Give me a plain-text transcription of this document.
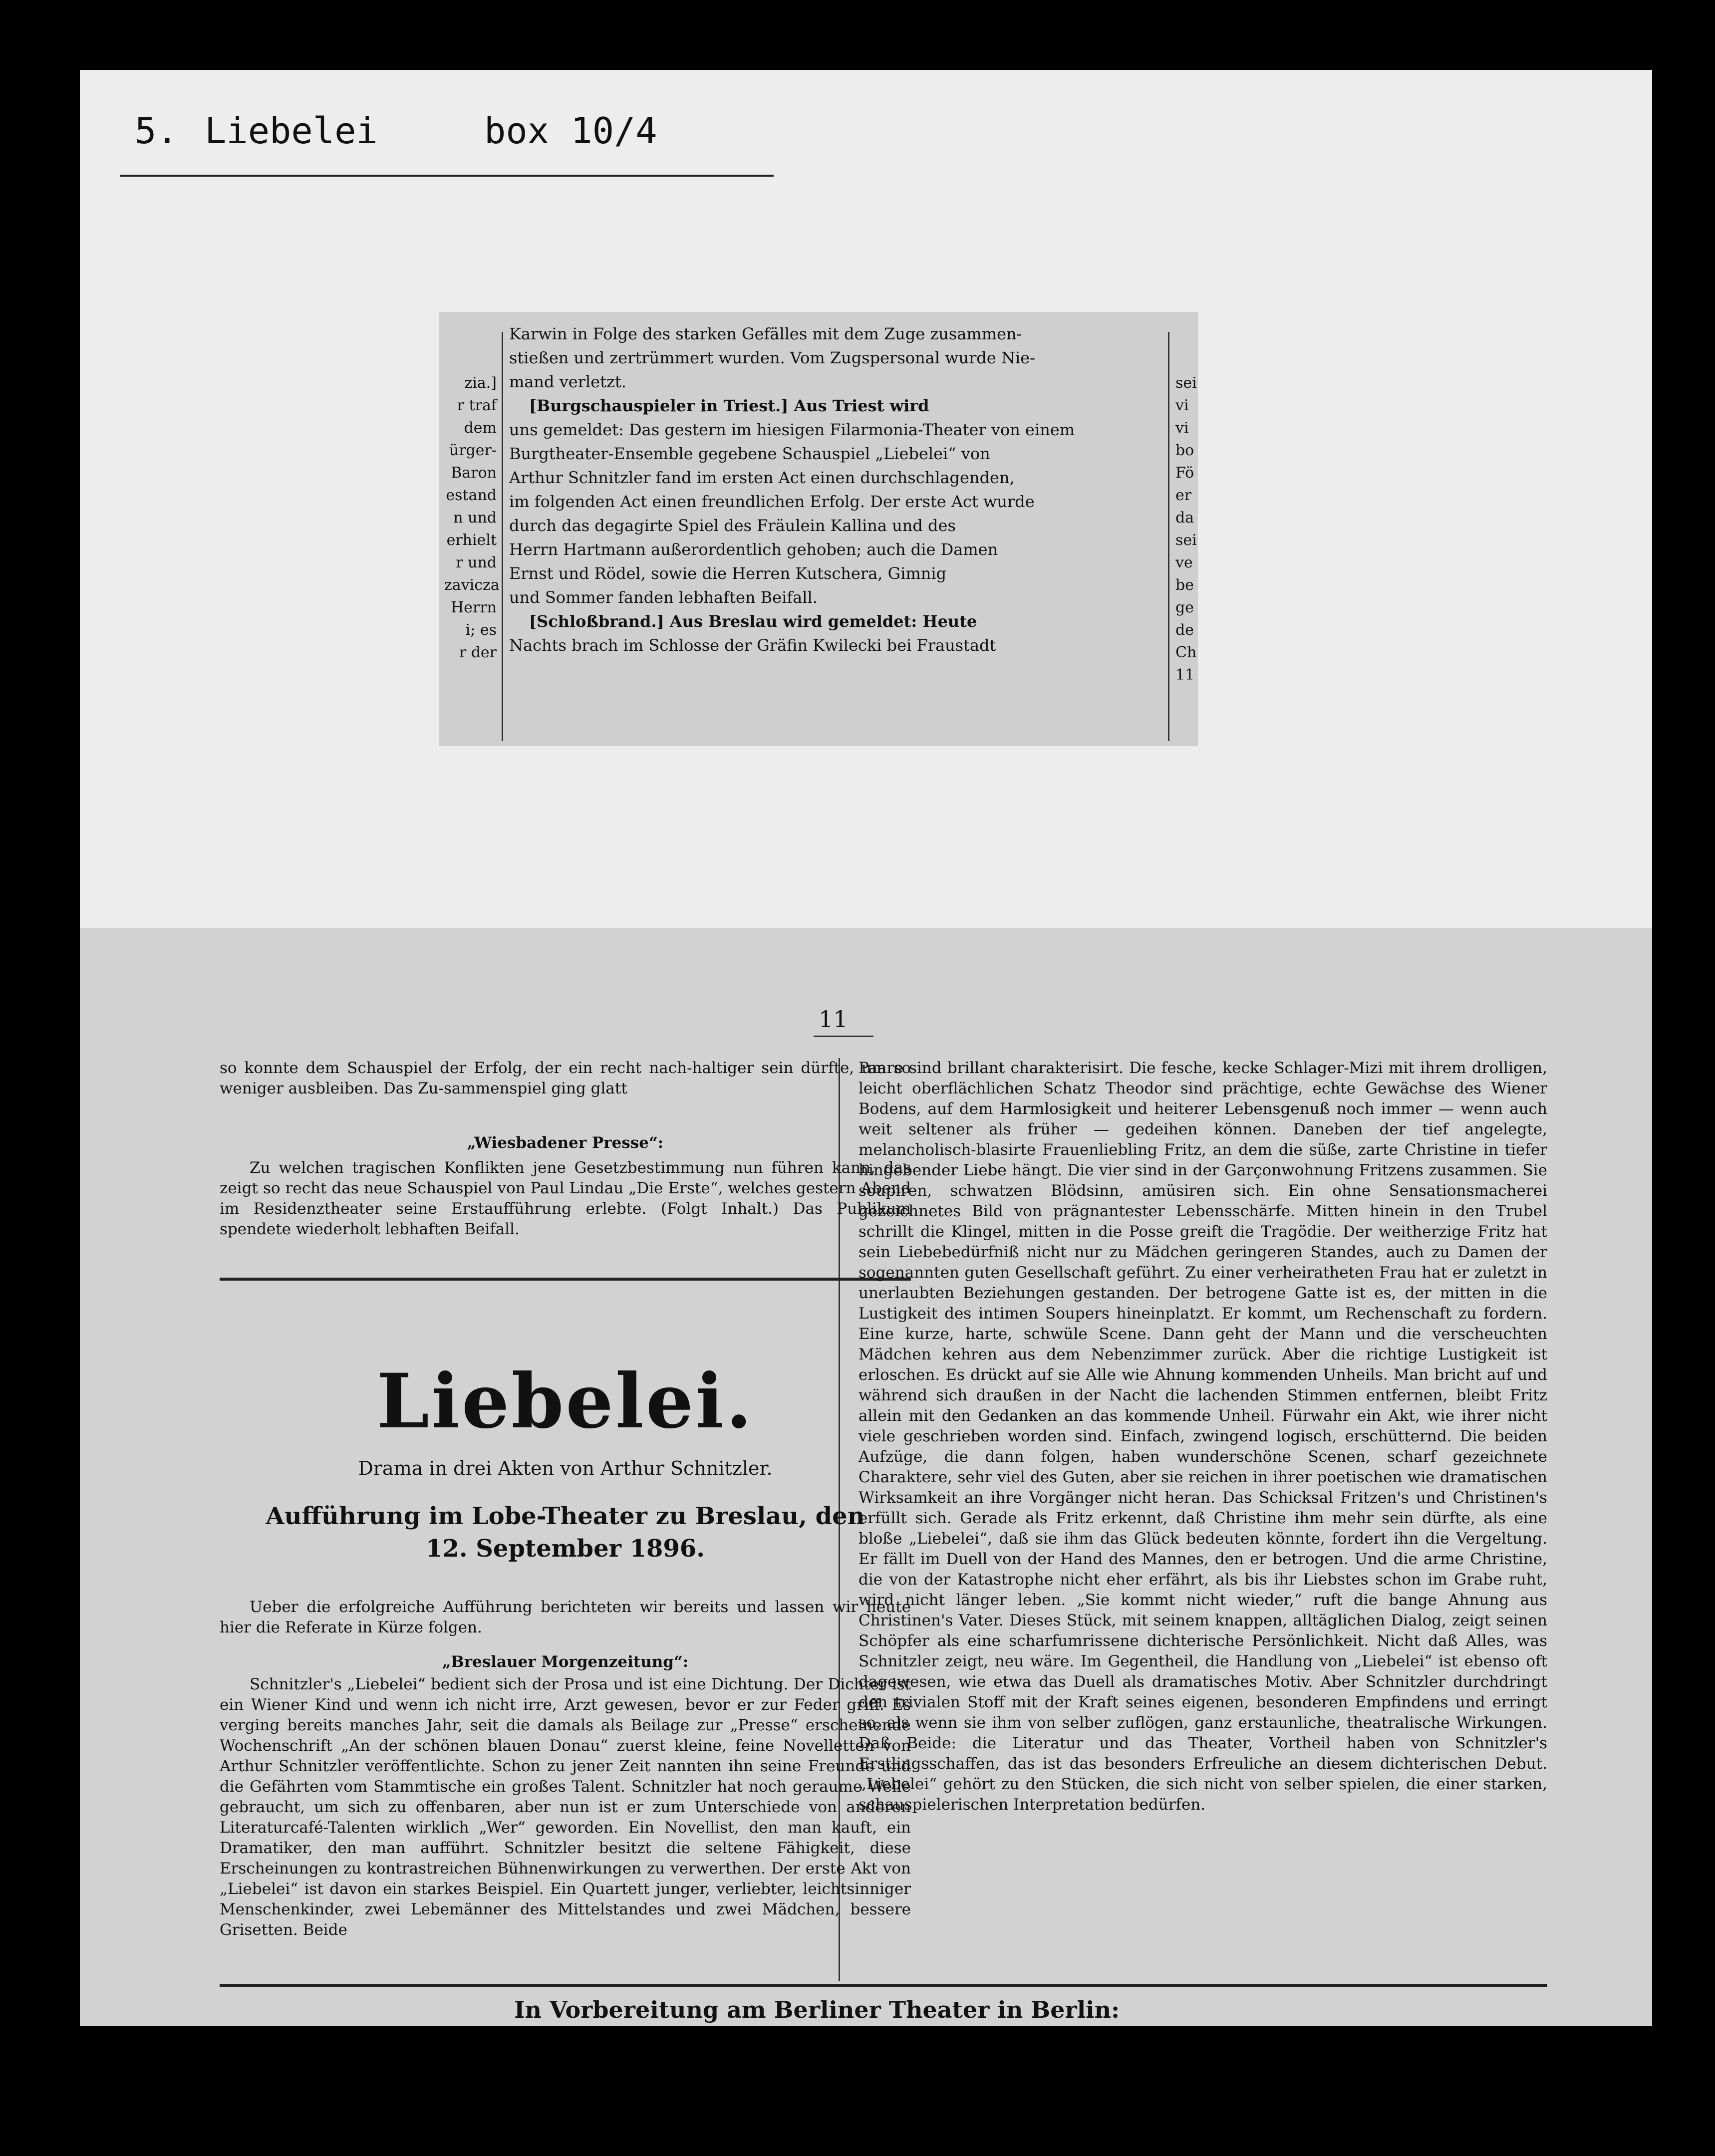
5. Liebelei	box 10/4
zia.]
r traf
dem
ürger-
Baron
estand
n und
erhielt
r und
zavicza
Herrn
i; es
r der
Karwin in Folge des starken Gefälles mit dem Zuge zusammen-
stießen und zertrümmert wurden. Vom Zugspersonal wurde Nie-
mand verletzt.
[Burgschauspieler in Triest.] Aus Triest wird
uns gemeldet: Das gestern im hiesigen Filarmonia-Theater von einem
Burgtheater-Ensemble gegebene Schauspiel „Liebelei“ von
Arthur Schnitzler fand im ersten Act einen durchschlagenden,
im folgenden Act einen freundlichen Erfolg. Der erste Act wurde
durch das degagirte Spiel des Fräulein Kallina und des
Herrn Hartmann außerordentlich gehoben; auch die Damen
Ernst und Rödel, sowie die Herren Kutschera, Gimnig
und Sommer fanden lebhaften Beifall.
[Schloßbrand.] Aus Breslau wird gemeldet: Heute
Nachts brach im Schlosse der Gräfin Kwilecki bei Fraustadt
sei
vi
vi
bo
Fö
er
da
sei
ve
be
ge
de
Ch
11
11
so konnte dem Schauspiel der Erfolg, der ein recht nach-haltiger sein dürfte, um so weniger ausbleiben. Das Zu-sammenspiel ging glatt
„Wiesbadener Presse“:
Zu welchen tragischen Konflikten jene Gesetzbestimmung nun führen kann, das zeigt so recht das neue Schauspiel von Paul Lindau „Die Erste“, welches gestern Abend im Residenztheater seine Erstaufführung erlebte. (Folgt Inhalt.) Das Publikum spendete wiederholt lebhaften Beifall.
Liebelei.
Drama in drei Akten von Arthur Schnitzler.
Aufführung im Lobe-Theater zu Breslau, den
12. September 1896.
Ueber die erfolgreiche Aufführung berichteten wir bereits und lassen wir heute hier die Referate in Kürze folgen.
„Breslauer Morgenzeitung“:
Schnitzler's „Liebelei“ bedient sich der Prosa und ist eine Dichtung. Der Dichter ist ein Wiener Kind und wenn ich nicht irre, Arzt gewesen, bevor er zur Feder griff. Es verging bereits manches Jahr, seit die damals als Beilage zur „Presse“ erscheinende Wochenschrift „An der schönen blauen Donau“ zuerst kleine, feine Novelletten von Arthur Schnitzler veröffentlichte. Schon zu jener Zeit nannten ihn seine Freunde und die Gefährten vom Stammtische ein großes Talent. Schnitzler hat noch geraume Weile gebraucht, um sich zu offenbaren, aber nun ist er zum Unterschiede von anderen Literaturcafé-Talenten wirklich „Wer“ geworden. Ein Novellist, den man kauft, ein Dramatiker, den man aufführt. Schnitzler besitzt die seltene Fähigkeit, diese Erscheinungen zu kontrastreichen Bühnenwirkungen zu verwerthen. Der erste Akt von „Liebelei“ ist davon ein starkes Beispiel. Ein Quartett junger, verliebter, leichtsinniger Menschenkinder, zwei Lebemänner des Mittelstandes und zwei Mädchen, bessere Grisetten. Beide
Paare sind brillant charakterisirt. Die fesche, kecke Schlager-Mizi mit ihrem drolligen, leicht oberflächlichen Schatz Theodor sind prächtige, echte Gewächse des Wiener Bodens, auf dem Harmlosigkeit und heiterer Lebensgenuß noch immer — wenn auch weit seltener als früher — gedeihen können. Daneben der tief angelegte, melancholisch-blasirte Frauenliebling Fritz, an dem die süße, zarte Christine in tiefer hingebender Liebe hängt. Die vier sind in der Garçonwohnung Fritzens zusammen. Sie soupiren, schwatzen Blödsinn, amüsiren sich. Ein ohne Sensationsmacherei gezeichnetes Bild von prägnantester Lebensschärfe. Mitten hinein in den Trubel schrillt die Klingel, mitten in die Posse greift die Tragödie. Der weitherzige Fritz hat sein Liebebedürfniß nicht nur zu Mädchen geringeren Standes, auch zu Damen der sogenannten guten Gesellschaft geführt. Zu einer verheiratheten Frau hat er zuletzt in unerlaubten Beziehungen gestanden. Der betrogene Gatte ist es, der mitten in die Lustigkeit des intimen Soupers hineinplatzt. Er kommt, um Rechenschaft zu fordern. Eine kurze, harte, schwüle Scene. Dann geht der Mann und die verscheuchten Mädchen kehren aus dem Nebenzimmer zurück. Aber die richtige Lustigkeit ist erloschen. Es drückt auf sie Alle wie Ahnung kommenden Unheils. Man bricht auf und während sich draußen in der Nacht die lachenden Stimmen entfernen, bleibt Fritz allein mit den Gedanken an das kommende Unheil. Fürwahr ein Akt, wie ihrer nicht viele geschrieben worden sind. Einfach, zwingend logisch, erschütternd. Die beiden Aufzüge, die dann folgen, haben wunderschöne Scenen, scharf gezeichnete Charaktere, sehr viel des Guten, aber sie reichen in ihrer poetischen wie dramatischen Wirksamkeit an ihre Vorgänger nicht heran. Das Schicksal Fritzen's und Christinen's erfüllt sich. Gerade als Fritz erkennt, daß Christine ihm mehr sein dürfte, als eine bloße „Liebelei“, daß sie ihm das Glück bedeuten könnte, fordert ihn die Vergeltung. Er fällt im Duell von der Hand des Mannes, den er betrogen. Und die arme Christine, die von der Katastrophe nicht eher erfährt, als bis ihr Liebstes schon im Grabe ruht, wird nicht länger leben. „Sie kommt nicht wieder,“ ruft die bange Ahnung aus Christinen's Vater. Dieses Stück, mit seinem knappen, alltäglichen Dialog, zeigt seinen Schöpfer als eine scharfumrissene dichterische Persönlichkeit. Nicht daß Alles, was Schnitzler zeigt, neu wäre. Im Gegentheil, die Handlung von „Liebelei“ ist ebenso oft dagewesen, wie etwa das Duell als dramatisches Motiv. Aber Schnitzler durchdringt den trivialen Stoff mit der Kraft seines eigenen, besonderen Empfindens und erringt so, als wenn sie ihm von selber zuflögen, ganz erstaunliche, theatralische Wirkungen. Daß Beide: die Literatur und das Theater, Vortheil haben von Schnitzler's Erstlingsschaffen, das ist das besonders Erfreuliche an diesem dichterischen Debut. „Liebelei“ gehört zu den Stücken, die sich nicht von selber spielen, die einer starken, schauspielerischen Interpretation bedürfen.
In Vorbereitung am Berliner Theater in Berlin:
